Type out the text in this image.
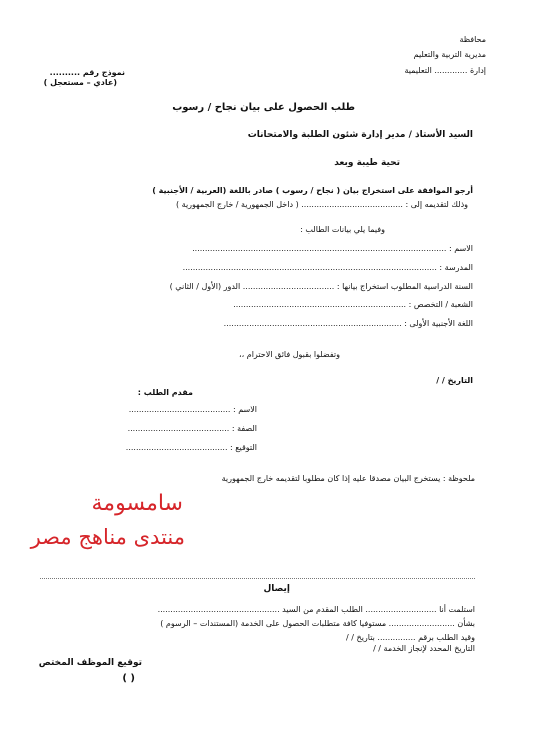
محافظة
مديرية التربية والتعليم
إدارة ............. التعليمية
نموذج رقم ..........
(عادي – مستعجل )
طلب الحصول على بيان نجاح / رسوب
السيد الأستاذ / مدير إدارة شئون الطلبة والامتحانات
تحية طيبة وبعد
أرجو الموافقة على استخراج بيان ( نجاح / رسوب ) صادر باللغة (العربية / الأجنبية )
وذلك لتقديمه إلى : ........................................ ( داخل الجمهورية / خارج الجمهورية )
وفيما يلي بيانات الطالب :
الاسم : ....................................................................................................
المدرسة : ....................................................................................................
السنة الدراسية المطلوب استخراج بيانها : .................................... الدور (الأول / الثاني )
الشعبة / التخصص : ....................................................................
اللغة الأجنبية الأولى : ......................................................................
وتفضلوا بقبول فائق الاحترام ،،
التاريخ / /
مقدم الطلب :
الاسم : ........................................
الصفة : ........................................
التوقيع : ........................................
ملحوظة : يستخرج البيان مصدقا عليه إذا كان مطلوبا لتقديمه خارج الجمهورية
سامسومة
منتدى مناهج مصر
إيصال
استلمت أنا ............................ الطلب المقدم من السيد ................................................
بشأن .......................... مستوفيا كافة متطلبات الحصول على الخدمة (المستندات – الرسوم )
وقيد الطلب برقم ............... بتاريخ / /
التاريخ المحدد لإنجاز الخدمة / /
توقيع الموظف المختص
( )
